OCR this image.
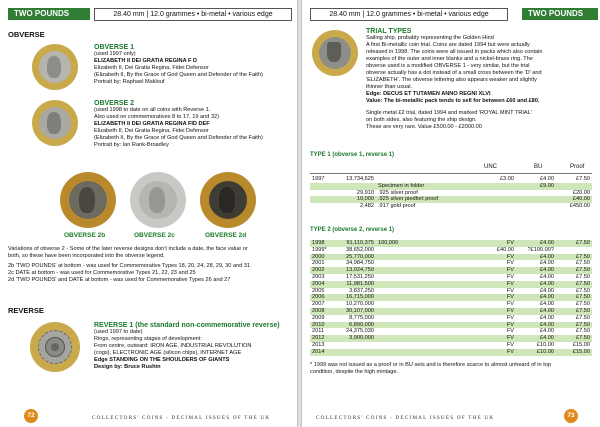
TWO POUNDS	28.40 mm | 12.0 grammes • bi-metal • various edge
OBVERSE
OBVERSE 1
(used 1997 only)
ELIZABETH II DEI GRATIA REGINA F D
Elizabeth II, Dei Gratia Regina, Fidei Defensor
(Elizabeth II, By the Grace of God Queen and Defender of the Faith)
Portrait by: Raphael Maklouf
OBVERSE 2
(used 1998 to date on all coins with Reverse 1.
Also used on commemoratives 8 to 17, 19 and 32)
ELIZABETH II DEI GRATIA REGINA FID DEF
Elizabeth II, Dei Gratia Regina, Fidei Defensor
(Elizabeth II, By the Grace of God Queen and Defender of the Faith)
Portrait by: Ian Rank-Broadley
OBVERSE 2b	OBVERSE 2c	OBVERSE 2d
Variations of obverse 2 - Some of the later reverse designs don't include a date, the face value or
both, so these have been incorporated into the obverse legend.
2b 'TWO POUNDS' at bottom - was used for Commemorative Types 18, 20, 24, 28, 29, 30 and 31
2c DATE at bottom - was used for Commemorative Types 21, 22, 23 and 25
2d 'TWO POUNDS' and DATE at bottom - was used for Commemorative Types 26 and 27
REVERSE
REVERSE 1 (the standard non-commemorative reverse)
(used 1997 to date)
Rings, representing stages of development:
From centre, outward: IRON AGE, INDUSTRIAL REVOLUTION
(cogs), ELECTRONIC AGE (silicon chips), INTERNET AGE
Edge STANDING ON THE SHOULDERS OF GIANTS
Design by: Bruce Rushin
72	COLLECTORS' COINS - DECIMAL ISSUES OF THE UK
28.40 mm | 12.0 grammes • bi-metal • various edge	TWO POUNDS
TRIAL TYPES
Sailing ship, probably representing the Golden Hind
A first Bi-metallic coin trial. Coins are dated 1994 but were actually
released in 1998. The coins were all issued in packs which also contain
examples of the outer and inner blanks and a nickel-brass ring. The
obverse used is a modified OBVERSE 1 - very similar, but the trial
obverse actually has a dot instead of a small cross between the 'D' and
'ELIZABETH'. The obverse lettering also appears weaker and slightly
thinner than usual.
Edge: DECUS ET TUTAMEN ANNO REGNI XLVI
Value: The bi-metallic pack tends to sell for between £60 and £80.
Single metal £2 trial, dated 1994 and marked 'ROYAL MINT TRIAL'
on both sides, also featuring the ship design.
These are very rare. Value £500.00 - £2000.00
TYPE 1 (obverse 1, reverse 1)
UNC	BU	Proof
1997	13,734,625		£3.00	£4.00	£7.50
		Specimen in folder		£9.00	
	29,910	.925 silver proof			£20.00
	10,000	.925 silver piedfort proof			£40.00
	2,482	.917 gold proof			£450.00
TYPE 2 (obverse 2, reverse 1)
1998	91,110,375	100,000	FV	£4.00	£7.50
1999*	38,652,000		£40.00	?£100.00?	
2000	25,770,000		FV	£4.00	£7.50
2001	34,984,750		FV	£4.00	£7.50
2002	13,024,750		FV	£4.00	£7.50
2003	17,531,250		FV	£4.00	£7.50
2004	11,981,500		FV	£4.00	£7.50
2005	3,837,250		FV	£4.00	£7.50
2006	16,715,000		FV	£4.00	£7.50
2007	10,270,000		FV	£4.00	£7.50
2008	30,107,000		FV	£4.00	£7.50
2009	8,775,000		FV	£4.00	£7.50
2010	6,890,000		FV	£4.00	£7.50
2011	24,375,030		FV	£4.00	£7.50
2012	3,900,000		FV	£4.00	£7.50
2013			FV	£10.00	£15.00
2014			FV	£10.00	£15.00
* 1999 was not issued as a proof or in BU sets and is therefore scarce to almost unheard of in top
condition, despite the high mintage.
COLLECTORS' COINS - DECIMAL ISSUES OF THE UK	73
